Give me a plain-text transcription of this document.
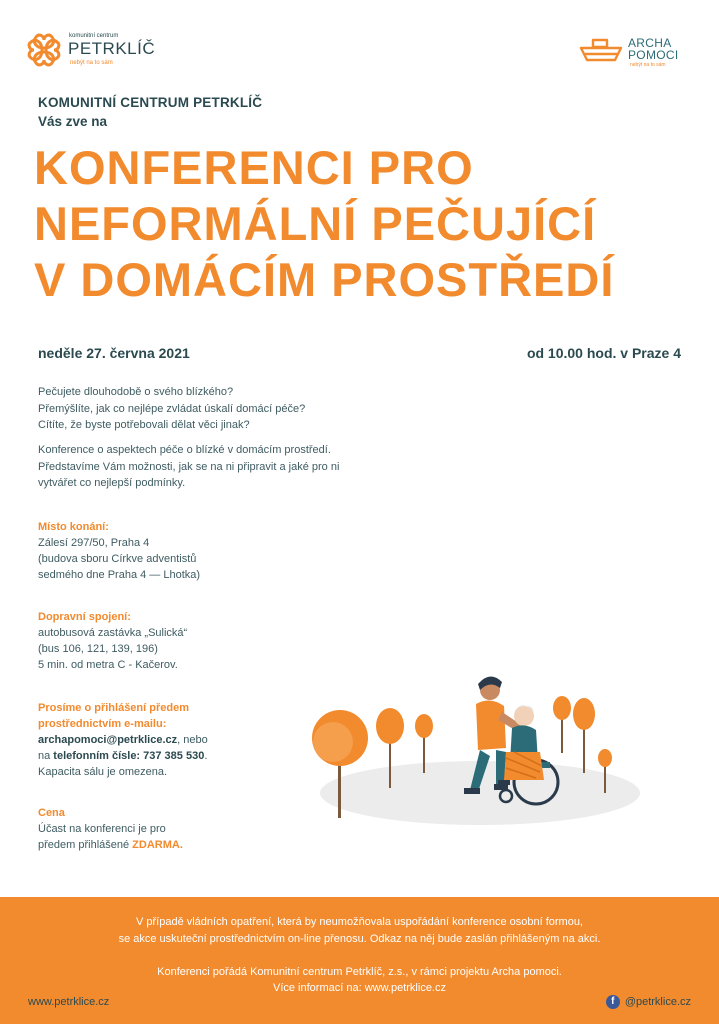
komunitní centrum
PETRKLÍČ
nebýt na to sám
ARCHA
POMOCI
nebýt na to sám
KOMUNITNÍ CENTRUM PETRKLÍČ
Vás zve na
KONFERENCI PRO
NEFORMÁLNÍ PEČUJÍCÍ
V DOMÁCÍM PROSTŘEDÍ
neděle 27. června 2021	od 10.00 hod. v Praze 4
Pečujete dlouhodobě o svého blízkého?
Přemýšlíte, jak co nejlépe zvládat úskalí domácí péče?
Cítíte, že byste potřebovali dělat věci jinak?
Konference o aspektech péče o blízké v domácím prostředí.
Představíme Vám možnosti, jak se na ni připravit a jaké pro ni
vytvářet co nejlepší podmínky.
Místo konání:
Zálesí 297/50, Praha 4
(budova sboru Církve adventistů
sedmého dne Praha 4 — Lhotka)
Dopravní spojení:
autobusová zastávka „Sulická“
(bus 106, 121, 139, 196)
5 min. od metra C - Kačerov.
Prosíme o přihlášení předem
prostřednictvím e-mailu:
archapomoci@petrklice.cz, nebo
na telefonním čísle: 737 385 530.
Kapacita sálu je omezena.
Cena
Účast na konferenci je pro
předem přihlášené ZDARMA.
V případě vládních opatření, která by neumožňovala uspořádání konference osobní formou,
se akce uskuteční prostřednictvím on-line přenosu. Odkaz na něj bude zaslán přihlášeným na akci.
Konferenci pořádá Komunitní centrum Petrklíč, z.s., v rámci projektu Archa pomoci.
Více informací na: www.petrklice.cz
www.petrklice.cz	f @petrklice.cz
